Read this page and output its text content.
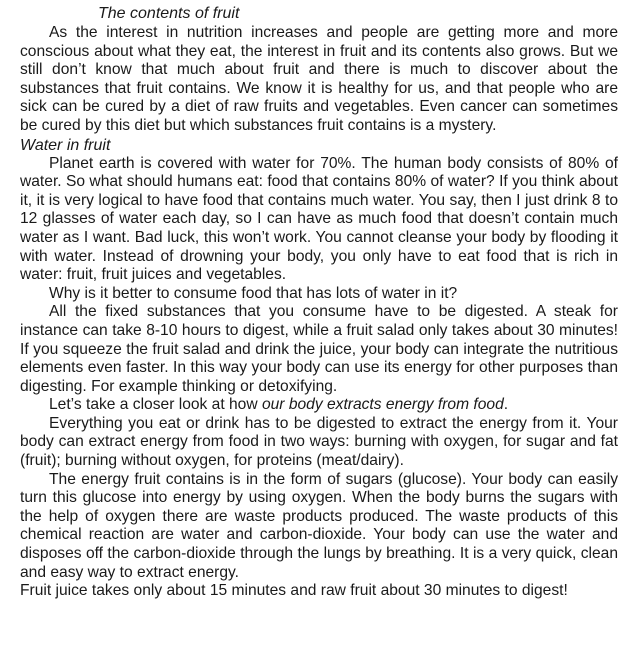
The contents of fruit

As the interest in nutrition increases and people are getting more and more conscious about what they eat, the interest in fruit and its contents also grows. But we still don’t know that much about fruit and there is much to discover about the substances that fruit contains. We know it is healthy for us, and that people who are sick can be cured by a diet of raw fruits and vegetables. Even cancer can sometimes be cured by this diet but which substances fruit contains is a mystery.

Water in fruit

Planet earth is covered with water for 70%. The human body consists of 80% of water. So what should humans eat: food that contains 80% of water? If you think about it, it is very logical to have food that contains much water. You say, then I just drink 8 to 12 glasses of water each day, so I can have as much food that doesn’t contain much water as I want. Bad luck, this won’t work. You cannot cleanse your body by flooding it with water. Instead of drowning your body, you only have to eat food that is rich in water: fruit, fruit juices and vegetables.

Why is it better to consume food that has lots of water in it?

All the fixed substances that you consume have to be digested. A steak for instance can take 8-10 hours to digest, while a fruit salad only takes about 30 minutes! If you squeeze the fruit salad and drink the juice, your body can integrate the nutritious elements even faster. In this way your body can use its energy for other purposes than digesting. For example thinking or detoxifying.

Let’s take a closer look at how our body extracts energy from food.

Everything you eat or drink has to be digested to extract the energy from it. Your body can extract energy from food in two ways: burning with oxygen, for sugar and fat (fruit); burning without oxygen, for proteins (meat/dairy).

The energy fruit contains is in the form of sugars (glucose). Your body can easily turn this glucose into energy by using oxygen. When the body burns the sugars with the help of oxygen there are waste products produced. The waste products of this chemical reaction are water and carbon-dioxide. Your body can use the water and disposes off the carbon-dioxide through the lungs by breathing. It is a very quick, clean and easy way to extract energy.

Fruit juice takes only about 15 minutes and raw fruit about 30 minutes to digest!
